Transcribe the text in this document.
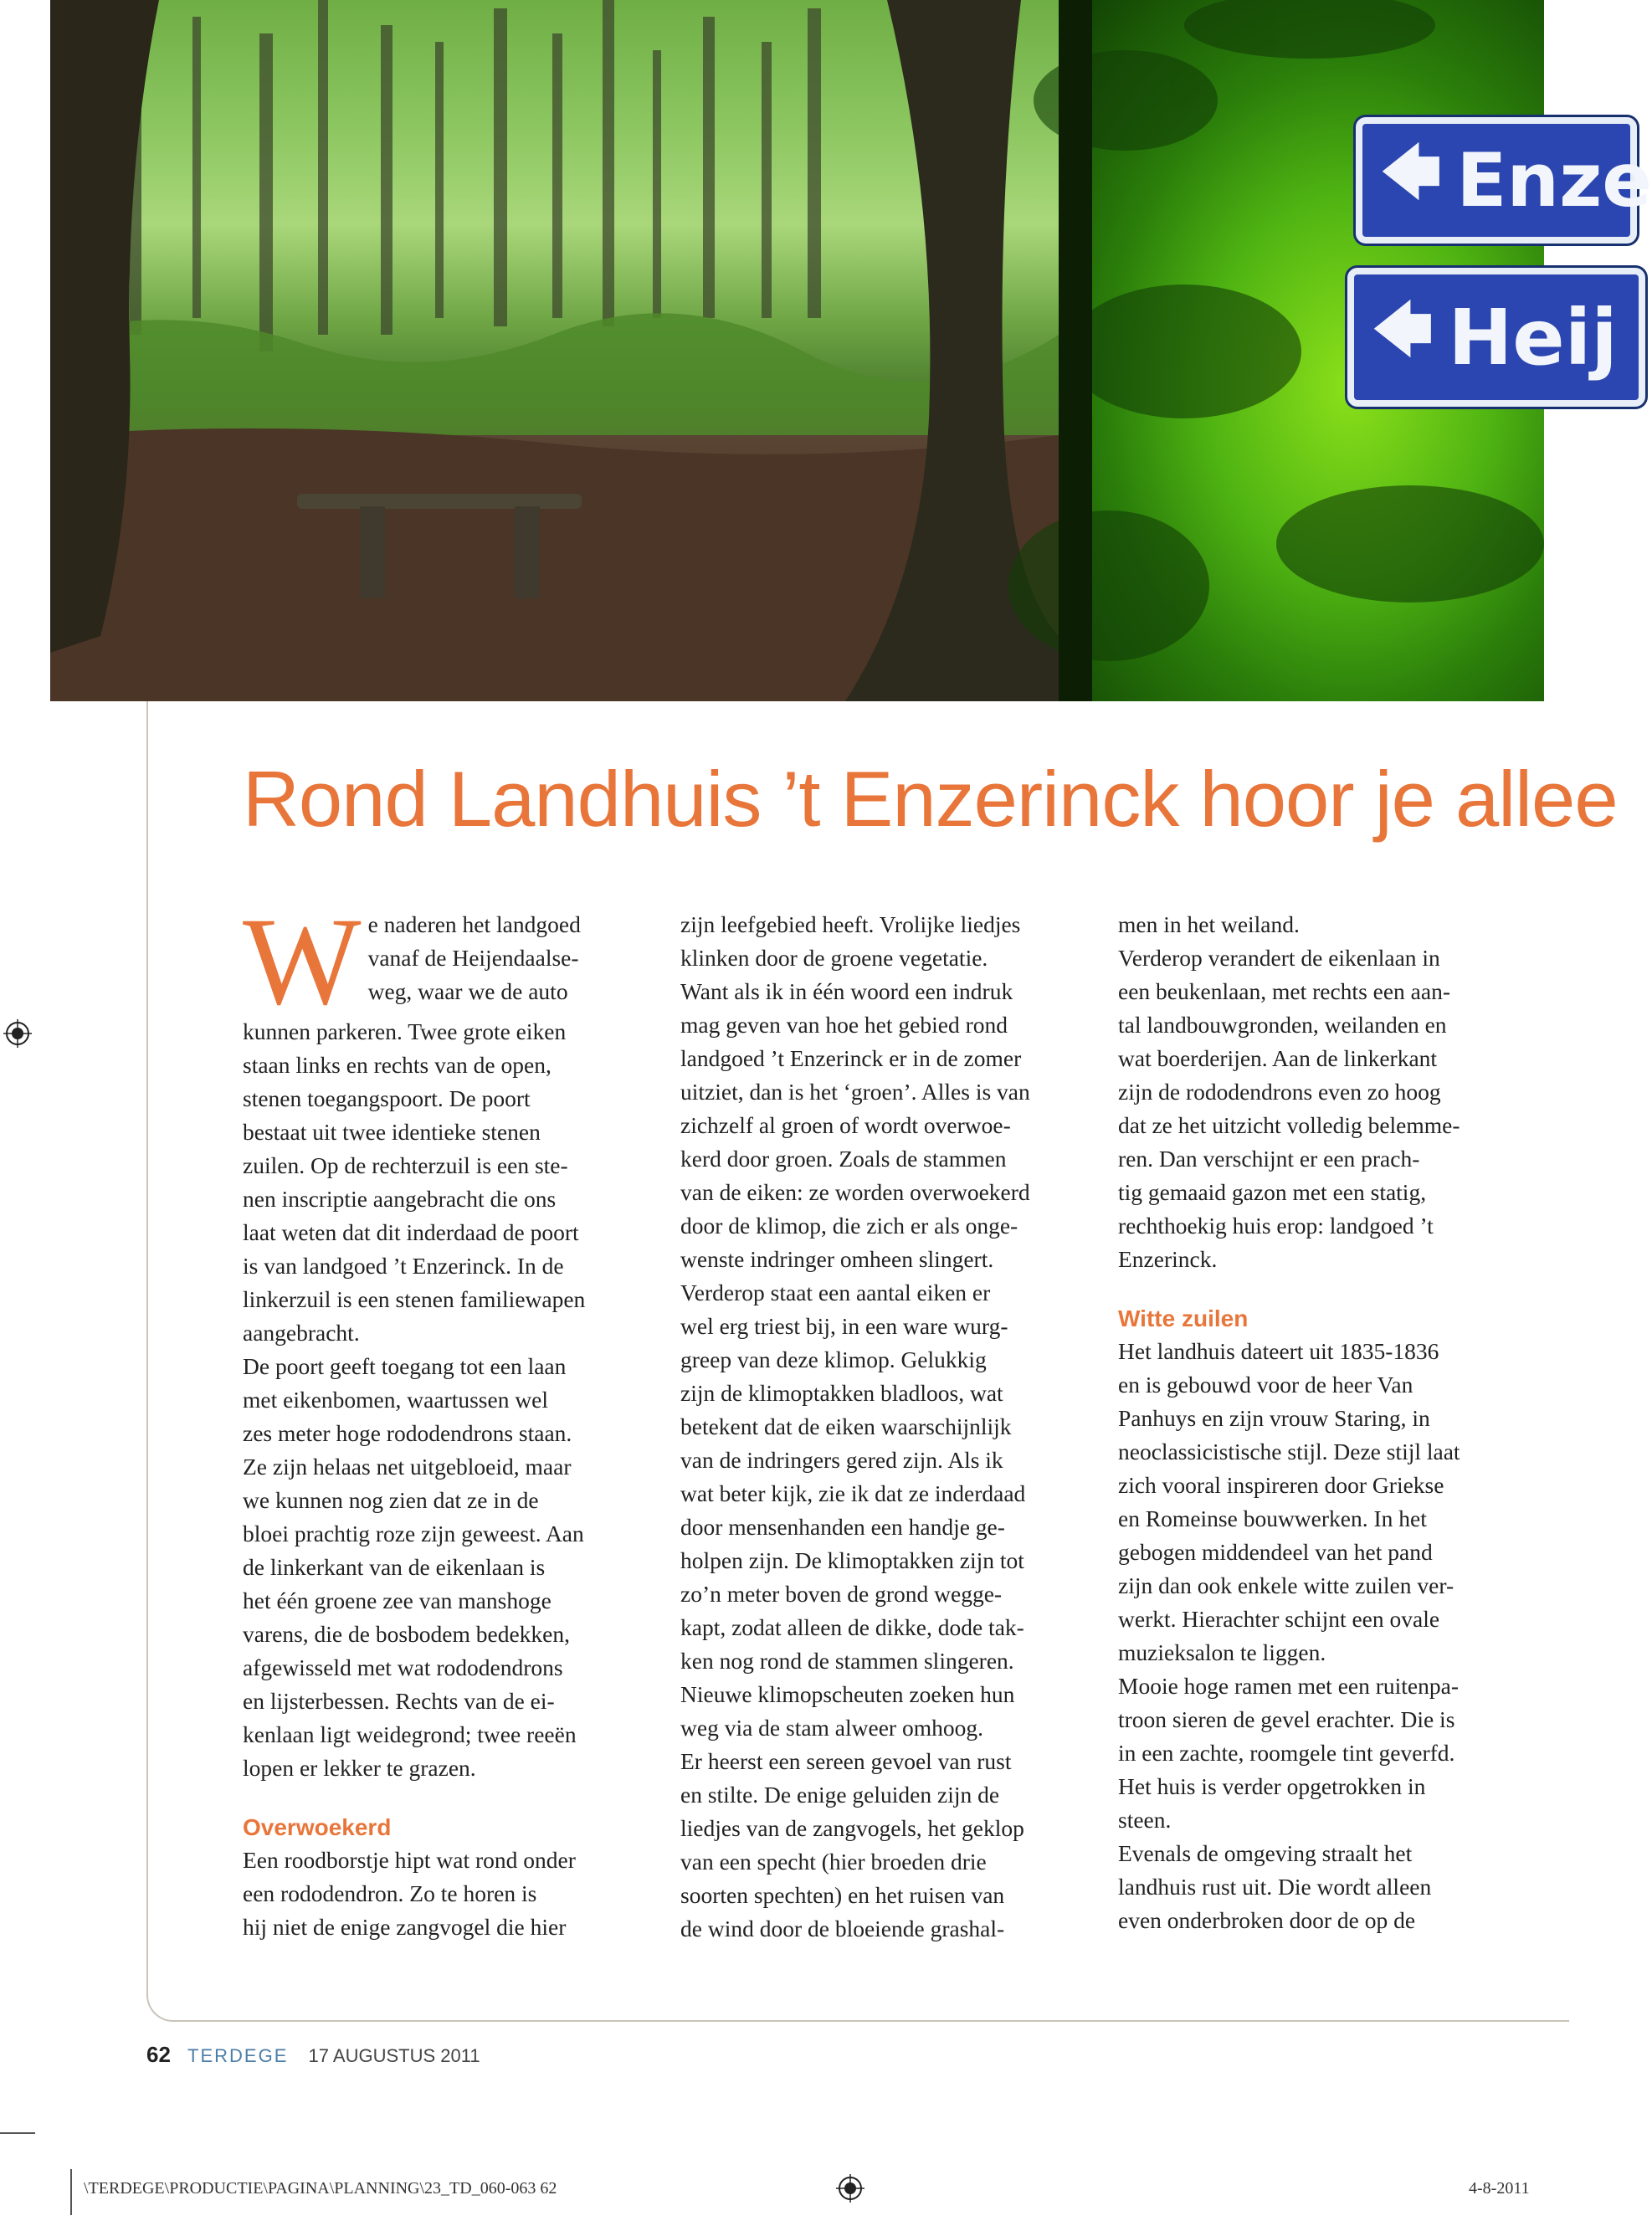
🡄 Enze
🡄 Heij
Rond Landhuis ’t Enzerinck hoor je allee
W e naderen het landgoed
vanaf de Heijendaalse-
weg, waar we de auto
kunnen parkeren. Twee grote eiken
staan links en rechts van de open,
stenen toegangspoort. De poort
bestaat uit twee identieke stenen
zuilen. Op de rechterzuil is een ste-
nen inscriptie aangebracht die ons
laat weten dat dit inderdaad de poort
is van landgoed ’t Enzerinck. In de
linkerzuil is een stenen familiewapen
aangebracht.
De poort geeft toegang tot een laan
met eikenbomen, waartussen wel
zes meter hoge rododendrons staan.
Ze zijn helaas net uitgebloeid, maar
we kunnen nog zien dat ze in de
bloei prachtig roze zijn geweest. Aan
de linkerkant van de eikenlaan is
het één groene zee van manshoge
varens, die de bosbodem bedekken,
afgewisseld met wat rododendrons
en lijsterbessen. Rechts van de ei-
kenlaan ligt weidegrond; twee reeën
lopen er lekker te grazen.
Overwoekerd
Een roodborstje hipt wat rond onder
een rododendron. Zo te horen is
hij niet de enige zangvogel die hier
zijn leefgebied heeft. Vrolijke liedjes
klinken door de groene vegetatie.
Want als ik in één woord een indruk
mag geven van hoe het gebied rond
landgoed ’t Enzerinck er in de zomer
uitziet, dan is het ‘groen’. Alles is van
zichzelf al groen of wordt overwoe-
kerd door groen. Zoals de stammen
van de eiken: ze worden overwoekerd
door de klimop, die zich er als onge-
wenste indringer omheen slingert.
Verderop staat een aantal eiken er
wel erg triest bij, in een ware wurg-
greep van deze klimop. Gelukkig
zijn de klimoptakken bladloos, wat
betekent dat de eiken waarschijnlijk
van de indringers gered zijn. Als ik
wat beter kijk, zie ik dat ze inderdaad
door mensenhanden een handje ge-
holpen zijn. De klimoptakken zijn tot
zo’n meter boven de grond wegge-
kapt, zodat alleen de dikke, dode tak-
ken nog rond de stammen slingeren.
Nieuwe klimopscheuten zoeken hun
weg via de stam alweer omhoog.
Er heerst een sereen gevoel van rust
en stilte. De enige geluiden zijn de
liedjes van de zangvogels, het geklop
van een specht (hier broeden drie
soorten spechten) en het ruisen van
de wind door de bloeiende grashal-
men in het weiland.
Verderop verandert de eikenlaan in
een beukenlaan, met rechts een aan-
tal landbouwgronden, weilanden en
wat boerderijen. Aan de linkerkant
zijn de rododendrons even zo hoog
dat ze het uitzicht volledig belemme-
ren. Dan verschijnt er een prach-
tig gemaaid gazon met een statig,
rechthoekig huis erop: landgoed ’t
Enzerinck.
Witte zuilen
Het landhuis dateert uit 1835-1836
en is gebouwd voor de heer Van
Panhuys en zijn vrouw Staring, in
neoclassicistische stijl. Deze stijl laat
zich vooral inspireren door Griekse
en Romeinse bouwwerken. In het
gebogen middendeel van het pand
zijn dan ook enkele witte zuilen ver-
werkt. Hierachter schijnt een ovale
muzieksalon te liggen.
Mooie hoge ramen met een ruitenpa-
troon sieren de gevel erachter. Die is
in een zachte, roomgele tint geverfd.
Het huis is verder opgetrokken in
steen.
Evenals de omgeving straalt het
landhuis rust uit. Die wordt alleen
even onderbroken door de op de
62 TERDEGE 17 AUGUSTUS 2011
\TERDEGE\PRODUCTIE\PAGINA\PLANNING\23_TD_060-063 62	4-8-2011
